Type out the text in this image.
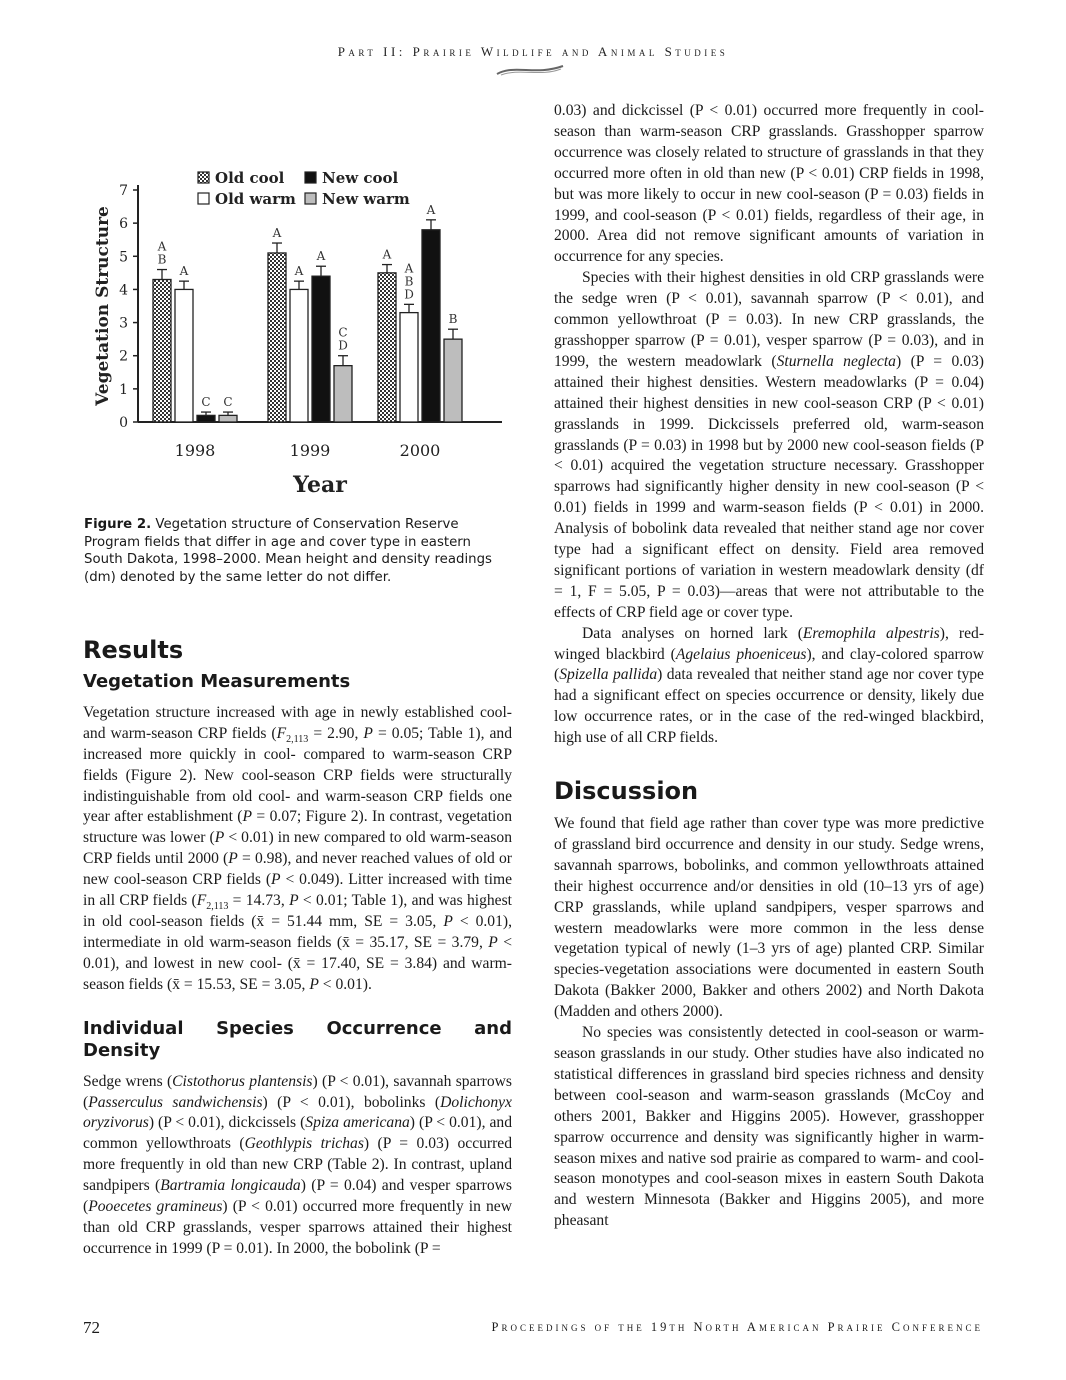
Part II: Prairie Wildlife and Animal Studies
0
1
2
3
4
5
6
7
Vegetation Structure	A
B
A
C C
1998
A
A
A
C
D
1999
A
A
B
D
A
B
2000
Year
Old cool	New cool
Old warm New warm
Figure 2. Vegetation structure of Conservation Reserve Program fields that differ in age and cover type in eastern South Dakota, 1998–2000. Mean height and density readings (dm) denoted by the same letter do not differ.
Results
Vegetation Measurements

Vegetation structure increased with age in newly established cool- and warm-season CRP fields ($F_{2,113} = 2.90$, P = 0.05; Table 1), and increased more quickly in cool- compared to warm-season CRP fields (Figure 2). New cool-season CRP fields were structurally indistinguishable from old cool- and warm-season CRP fields one year after establishment (P = 0.07; Figure 2). In contrast, vegetation structure was lower (P < 0.01) in new compared to old warm-season CRP fields until 2000 (P = 0.98), and never reached values of old or new cool-season CRP fields (P < 0.049). Litter increased with time in all CRP fields ($F_{2,113} = 14.73$, P < 0.01; Table 1), and was highest in old cool-season fields (x̄ = 51.44 mm, SE = 3.05, P < 0.01), intermediate in old warm-season fields (x̄ = 35.17, SE = 3.79, P < 0.01), and lowest in new cool- (x̄ = 17.40, SE = 3.84) and warm-season fields (x̄ = 15.53, SE = 3.05, P < 0.01).

Individual Species Occurrence and Density

Sedge wrens (Cistothorus plantensis) (P < 0.01), savannah sparrows (Passerculus sandwichensis) (P < 0.01), bobolinks (Dolichonyx oryzivorus) (P < 0.01), dickcissels (Spiza americana) (P < 0.01), and common yellowthroats (Geothlypis trichas) (P = 0.03) occurred more frequently in old than new CRP (Table 2). In contrast, upland sandpipers (Bartramia longicauda) (P = 0.04) and vesper sparrows (Pooecetes gramineus) (P < 0.01) occurred more frequently in new than old CRP grasslands, vesper sparrows attained their highest occurrence in 1999 (P = 0.01). In 2000, the bobolink (P =

0.03) and dickcissel (P < 0.01) occurred more frequently in cool-season than warm-season CRP grasslands. Grasshopper sparrow occurrence was closely related to structure of grasslands in that they occurred more often in old than new (P < 0.01) CRP fields in 1998, but was more likely to occur in new cool-season (P = 0.03) fields in 1999, and cool-season (P < 0.01) fields, regardless of their age, in 2000. Area did not remove significant amounts of variation in occurrence for any species.

Species with their highest densities in old CRP grasslands were the sedge wren (P < 0.01), savannah sparrow (P < 0.01), and common yellowthroat (P = 0.03). In new CRP grasslands, the grasshopper sparrow (P = 0.01), vesper sparrow (P = 0.03), and in 1999, the western meadowlark (Sturnella neglecta) (P = 0.03) attained their highest densities. Western meadowlarks (P = 0.04) attained their highest densities in new cool-season CRP (P < 0.01) grasslands in 1999. Dickcissels preferred old, warm-season grasslands (P = 0.03) in 1998 but by 2000 new cool-season fields (P < 0.01) acquired the vegetation structure necessary. Grasshopper sparrows had significantly higher density in new cool-season (P < 0.01) fields in 1999 and warm-season fields (P < 0.01) in 2000. Analysis of bobolink data revealed that neither stand age nor cover type had a significant effect on density. Field area removed significant portions of variation in western meadowlark density (df = 1, F = 5.05, P = 0.03)—areas that were not attributable to the effects of CRP field age or cover type.

Data analyses on horned lark (Eremophila alpestris), red-winged blackbird (Agelaius phoeniceus), and clay-colored sparrow (Spizella pallida) data revealed that neither stand age nor cover type had a significant effect on species occurrence or density, likely due low occurrence rates, or in the case of the red-winged blackbird, high use of all CRP fields.

Discussion

We found that field age rather than cover type was more predictive of grassland bird occurrence and density in our study. Sedge wrens, savannah sparrows, bobolinks, and common yellowthroats attained their highest occurrence and/or densities in old (10–13 yrs of age) CRP grasslands, while upland sandpipers, vesper sparrows and western meadowlarks were more common in the less dense vegetation typical of newly (1–3 yrs of age) planted CRP. Similar species-vegetation associations were documented in eastern South Dakota (Bakker 2000, Bakker and others 2002) and North Dakota (Madden and others 2000).

No species was consistently detected in cool-season or warm-season grasslands in our study. Other studies have also indicated no statistical differences in grassland bird species richness and density between cool-season and warm-season grasslands (McCoy and others 2001, Bakker and Higgins 2005). However, grasshopper sparrow occurrence and density was significantly higher in warm-season mixes and native sod prairie as compared to warm- and cool-season monotypes and cool-season mixes in eastern South Dakota and western Minnesota (Bakker and Higgins 2005), and more pheasant

72	Proceedings of the 19th North American Prairie Conference
